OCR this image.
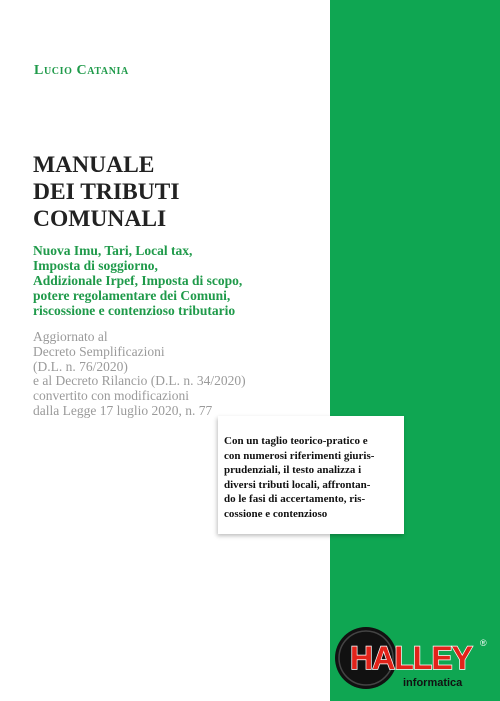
Lucio Catania
MANUALE
DEI TRIBUTI
COMUNALI
Nuova Imu, Tari, Local tax,
Imposta di soggiorno,
Addizionale Irpef, Imposta di scopo,
potere regolamentare dei Comuni,
riscossione e contenzioso tributario
Aggiornato al
Decreto Semplificazioni
(D.L. n. 76/2020)
e al Decreto Rilancio (D.L. n. 34/2020)
convertito con modificazioni
dalla Legge 17 luglio 2020, n. 77
Con un taglio teorico-pratico e
con numerosi riferimenti giuris-
prudenziali, il testo analizza i
diversi tributi locali, affrontan-
do le fasi di accertamento, ris-
cossione e contenzioso
HALLEY ®
informatica
